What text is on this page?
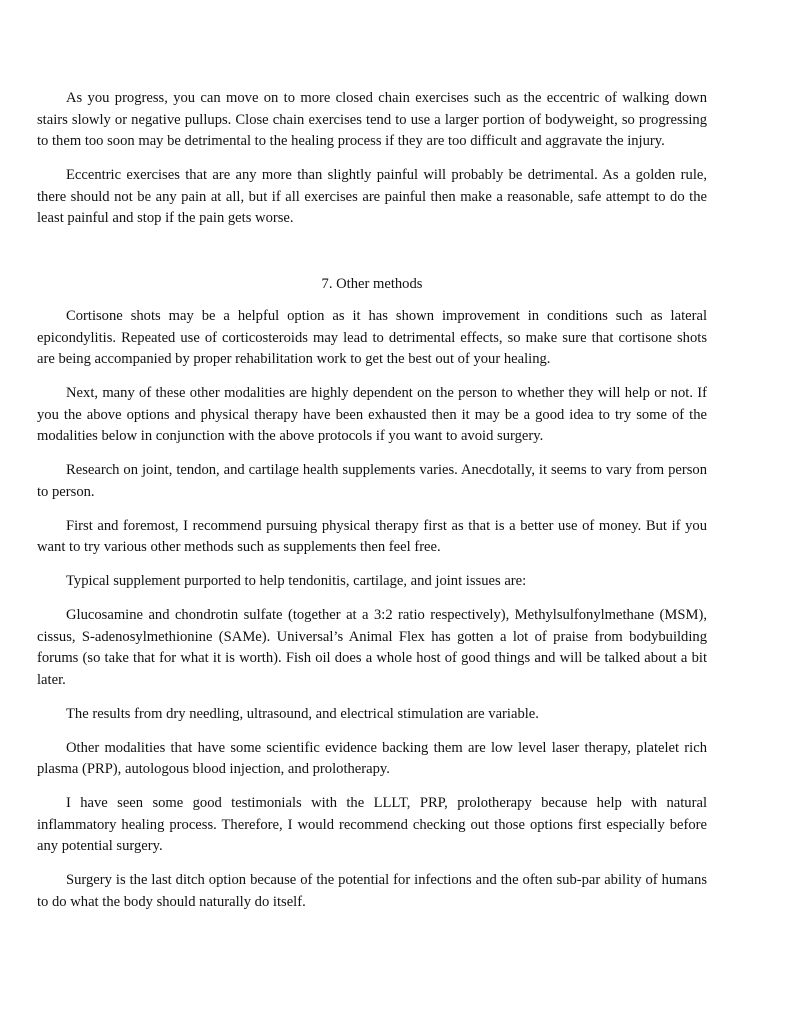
As you progress, you can move on to more closed chain exercises such as the eccentric of walking down stairs slowly or negative pullups. Close chain exercises tend to use a larger portion of bodyweight, so progressing to them too soon may be detrimental to the healing process if they are too difficult and aggravate the injury.

Eccentric exercises that are any more than slightly painful will probably be detrimental. As a golden rule, there should not be any pain at all, but if all exercises are painful then make a reasonable, safe attempt to do the least painful and stop if the pain gets worse.

7. Other methods

Cortisone shots may be a helpful option as it has shown improvement in conditions such as lateral epicondylitis. Repeated use of corticosteroids may lead to detrimental effects, so make sure that cortisone shots are being accompanied by proper rehabilitation work to get the best out of your healing.

Next, many of these other modalities are highly dependent on the person to whether they will help or not. If you the above options and physical therapy have been exhausted then it may be a good idea to try some of the modalities below in conjunction with the above protocols if you want to avoid surgery.

Research on joint, tendon, and cartilage health supplements varies. Anecdotally, it seems to vary from person to person.

First and foremost, I recommend pursuing physical therapy first as that is a better use of money. But if you want to try various other methods such as supplements then feel free.

Typical supplement purported to help tendonitis, cartilage, and joint issues are:

Glucosamine and chondrotin sulfate (together at a 3:2 ratio respectively), Methylsulfonylmethane (MSM), cissus, S-adenosylmethionine (SAMe). Universal’s Animal Flex has gotten a lot of praise from bodybuilding forums (so take that for what it is worth). Fish oil does a whole host of good things and will be talked about a bit later.

The results from dry needling, ultrasound, and electrical stimulation are variable.

Other modalities that have some scientific evidence backing them are low level laser therapy, platelet rich plasma (PRP), autologous blood injection, and prolotherapy.

I have seen some good testimonials with the LLLT, PRP, prolotherapy because help with natural inflammatory healing process. Therefore, I would recommend checking out those options first especially before any potential surgery.

Surgery is the last ditch option because of the potential for infections and the often sub-par ability of humans to do what the body should naturally do itself.
